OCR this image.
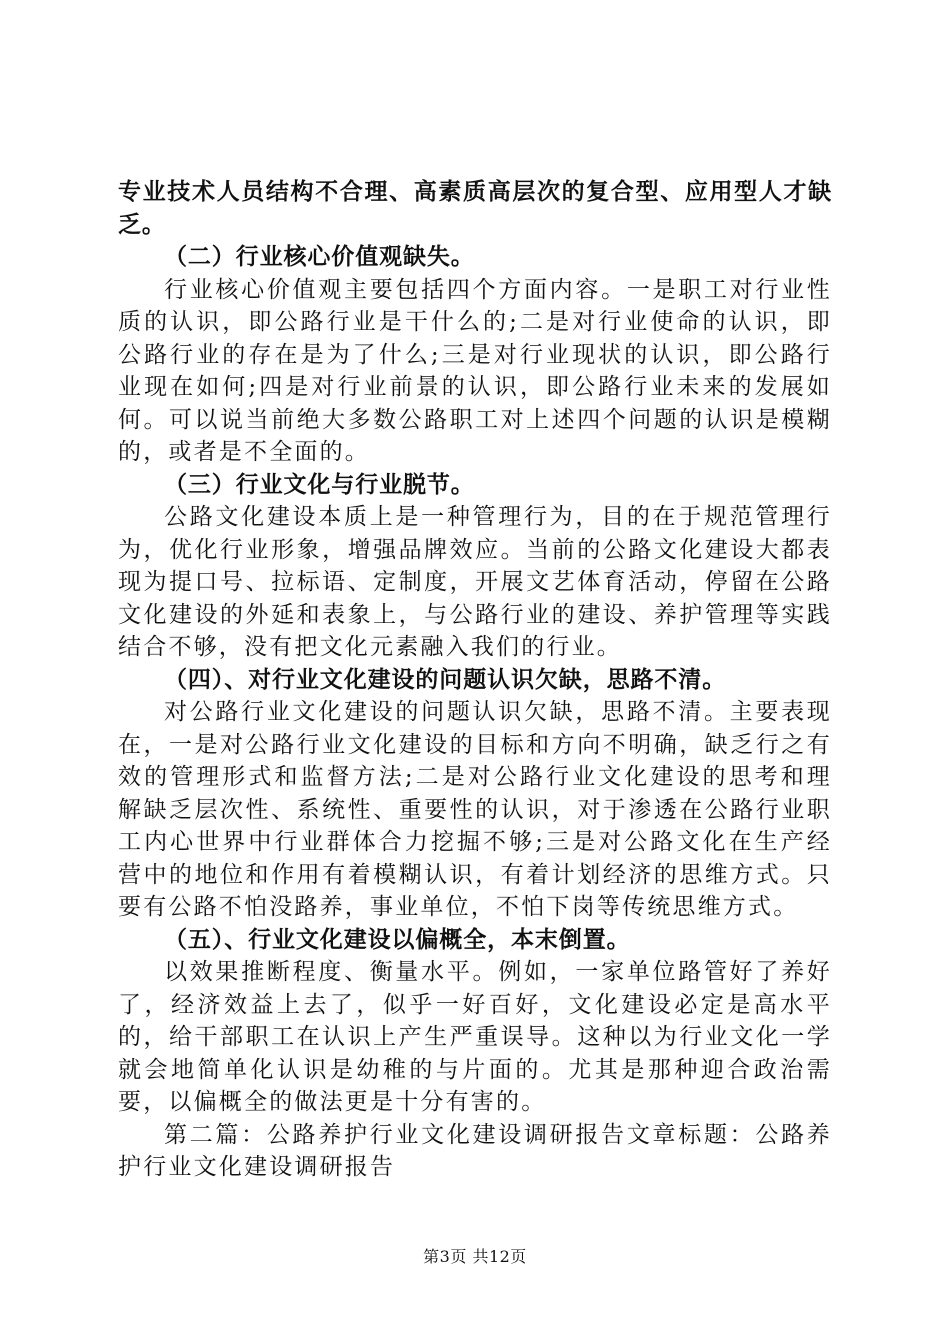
专业技术人员结构不合理、高素质高层次的复合型、应用型人才缺乏。

（二）行业核心价值观缺失。

行业核心价值观主要包括四个方面内容。一是职工对行业性质的认识，即公路行业是干什么的;二是对行业使命的认识，即公路行业的存在是为了什么;三是对行业现状的认识，即公路行业现在如何;四是对行业前景的认识，即公路行业未来的发展如何。可以说当前绝大多数公路职工对上述四个问题的认识是模糊的，或者是不全面的。

（三）行业文化与行业脱节。

公路文化建设本质上是一种管理行为，目的在于规范管理行为，优化行业形象，增强品牌效应。当前的公路文化建设大都表现为提口号、拉标语、定制度，开展文艺体育活动，停留在公路文化建设的外延和表象上，与公路行业的建设、养护管理等实践结合不够，没有把文化元素融入我们的行业。

（四）、对行业文化建设的问题认识欠缺，思路不清。

对公路行业文化建设的问题认识欠缺，思路不清。主要表现在，一是对公路行业文化建设的目标和方向不明确，缺乏行之有效的管理形式和监督方法;二是对公路行业文化建设的思考和理解缺乏层次性、系统性、重要性的认识，对于渗透在公路行业职工内心世界中行业群体合力挖掘不够;三是对公路文化在生产经营中的地位和作用有着模糊认识，有着计划经济的思维方式。只要有公路不怕没路养，事业单位，不怕下岗等传统思维方式。

（五）、行业文化建设以偏概全，本末倒置。

以效果推断程度、衡量水平。例如，一家单位路管好了养好了，经济效益上去了，似乎一好百好，文化建设必定是高水平的，给干部职工在认识上产生严重误导。这种以为行业文化一学就会地简单化认识是幼稚的与片面的。尤其是那种迎合政治需要，以偏概全的做法更是十分有害的。

第二篇：公路养护行业文化建设调研报告文章标题：公路养护行业文化建设调研报告

第3页 共12页
